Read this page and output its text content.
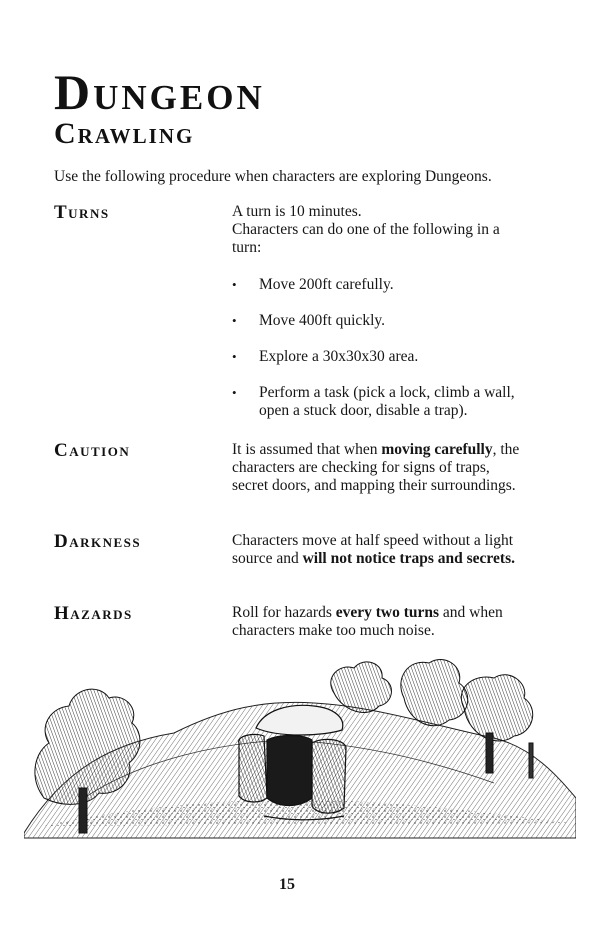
Dungeon
Crawling
Use the following procedure when characters are exploring Dungeons.
Turns	A turn is 10 minutes.

Characters can do one of the following in a turn:

• Move 200ft carefully.
• Move 400ft quickly.
• Explore a 30x30x30 area.
• Perform a task (pick a lock, climb a wall, open a stuck door, disable a trap).
Caution	It is assumed that when moving carefully, the characters are checking for signs of traps, secret doors, and mapping their surroundings.
Darkness	Characters move at half speed without a light source and will not notice traps and secrets.
Hazards	Roll for hazards every two turns and when characters make too much noise.
15
